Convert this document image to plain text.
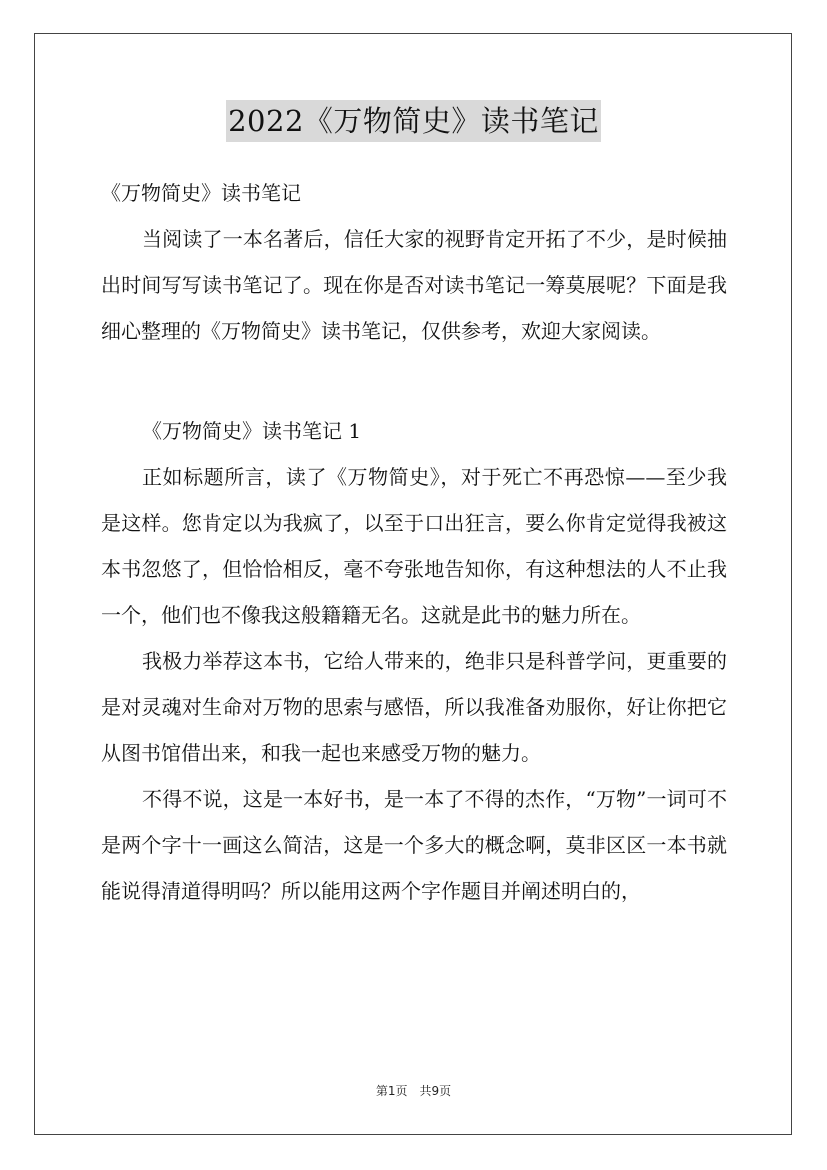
2022《万物简史》读书笔记

《万物简史》读书笔记

当阅读了一本名著后，信任大家的视野肯定开拓了不少，是时候抽出时间写写读书笔记了。现在你是否对读书笔记一筹莫展呢？下面是我细心整理的《万物简史》读书笔记，仅供参考，欢迎大家阅读。

《万物简史》读书笔记 1

正如标题所言，读了《万物简史》，对于死亡不再恐惊——至少我是这样。您肯定以为我疯了，以至于口出狂言，要么你肯定觉得我被这本书忽悠了，但恰恰相反，毫不夸张地告知你，有这种想法的人不止我一个，他们也不像我这般籍籍无名。这就是此书的魅力所在。

我极力举荐这本书，它给人带来的，绝非只是科普学问，更重要的是对灵魂对生命对万物的思索与感悟，所以我准备劝服你，好让你把它从图书馆借出来，和我一起也来感受万物的魅力。

不得不说，这是一本好书，是一本了不得的杰作，“万物”一词可不是两个字十一画这么简洁，这是一个多大的概念啊，莫非区区一本书就能说得清道得明吗？所以能用这两个字作题目并阐述明白的，

第1页　共9页
